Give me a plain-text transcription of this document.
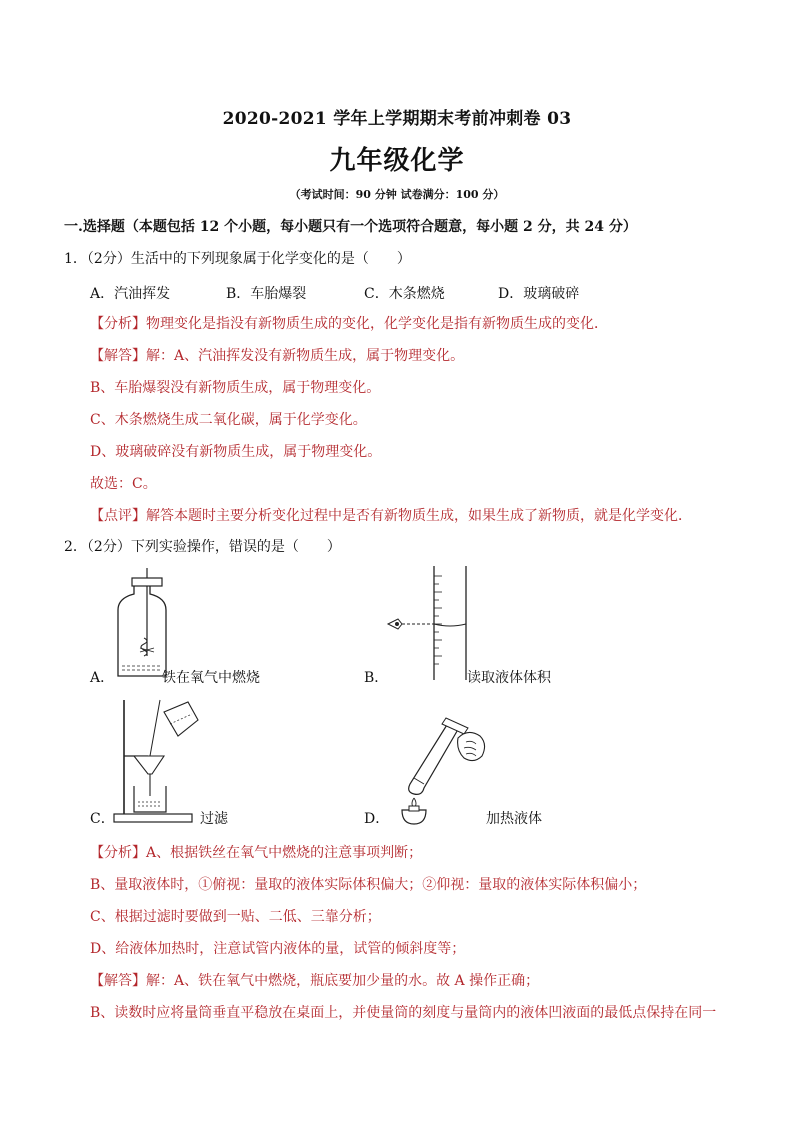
2020-2021 学年上学期期末考前冲刺卷 03
九年级化学
（考试时间：90 分钟 试卷满分：100 分）
一.选择题（本题包括 12 个小题，每小题只有一个选项符合题意，每小题 2 分，共 24 分）
1．（2分）生活中的下列现象属于化学变化的是（　　）
A．汽油挥发	B．车胎爆裂	C．木条燃烧	D．玻璃破碎
【分析】物理变化是指没有新物质生成的变化，化学变化是指有新物质生成的变化．
【解答】解：A、汽油挥发没有新物质生成，属于物理变化。
B、车胎爆裂没有新物质生成，属于物理变化。
C、木条燃烧生成二氧化碳，属于化学变化。
D、玻璃破碎没有新物质生成，属于物理变化。
故选：C。
【点评】解答本题时主要分析变化过程中是否有新物质生成，如果生成了新物质，就是化学变化．
2．（2分）下列实验操作，错误的是（　　）
A．	铁在氧气中燃烧	B．	读取液体体积
C．	过滤	D．	加热液体
【分析】A、根据铁丝在氧气中燃烧的注意事项判断；
B、量取液体时，①俯视：量取的液体实际体积偏大；②仰视：量取的液体实际体积偏小；
C、根据过滤时要做到一贴、二低、三靠分析；
D、给液体加热时，注意试管内液体的量，试管的倾斜度等；
【解答】解：A、铁在氧气中燃烧，瓶底要加少量的水。故 A 操作正确；
B、读数时应将量筒垂直平稳放在桌面上，并使量筒的刻度与量筒内的液体凹液面的最低点保持在同一
